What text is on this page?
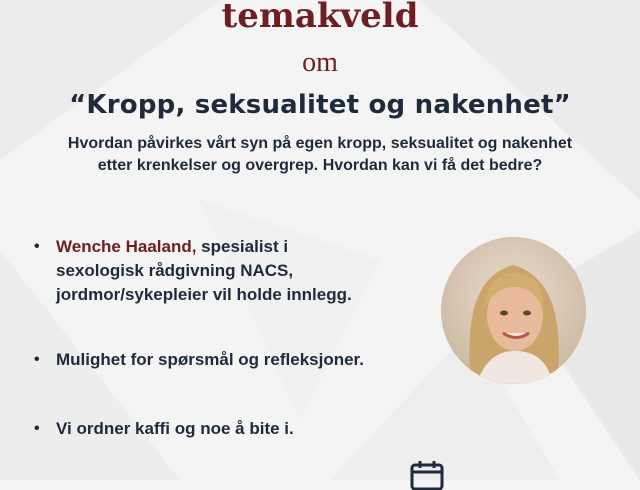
temakveld
om
“Kropp, seksualitet og nakenhet”
Hvordan påvirkes vårt syn på egen kropp, seksualitet og nakenhet
etter krenkelser og overgrep. Hvordan kan vi få det bedre?
• Wenche Haaland, spesialist i sexologisk rådgivning NACS, jordmor/sykepleier vil holde innlegg.
• Mulighet for spørsmål og refleksjoner.
• Vi ordner kaffi og noe å bite i.
